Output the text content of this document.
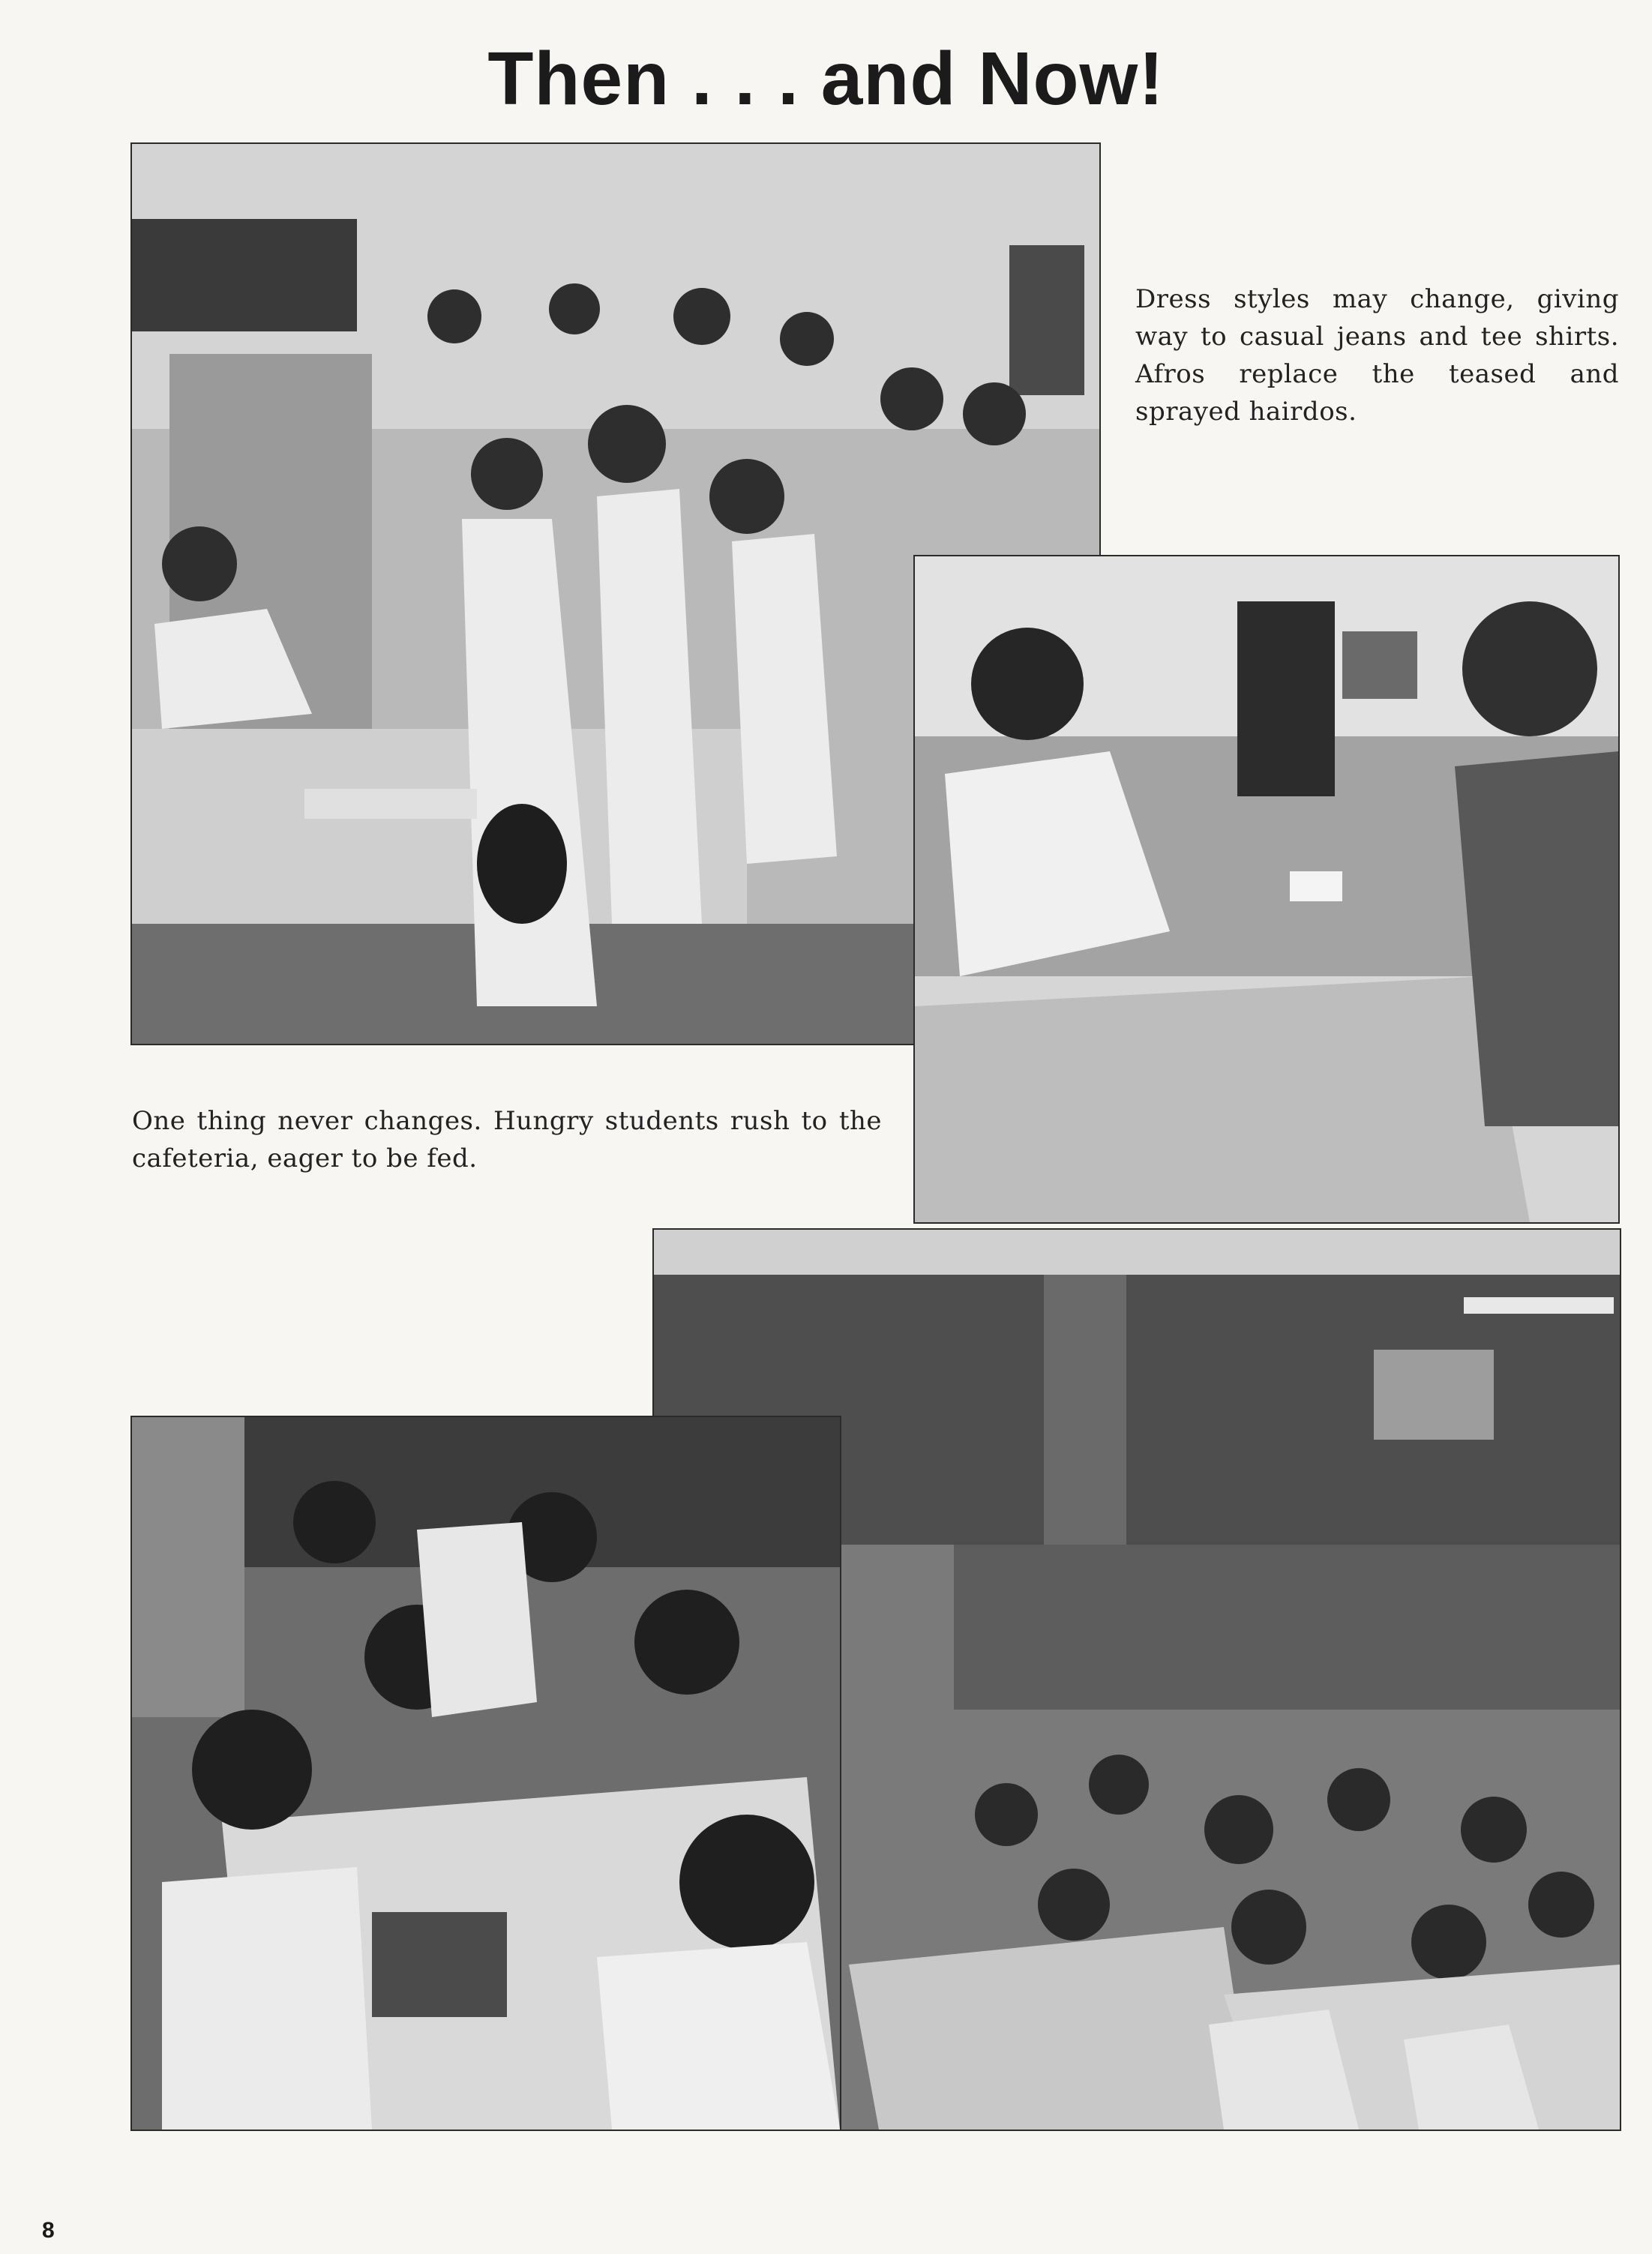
Then . . . and Now!
Dress styles may change, giving way to casual jeans and tee shirts. Afros replace the teased and sprayed hairdos.
One thing never changes. Hungry students rush to the cafeteria, eager to be fed.
8
